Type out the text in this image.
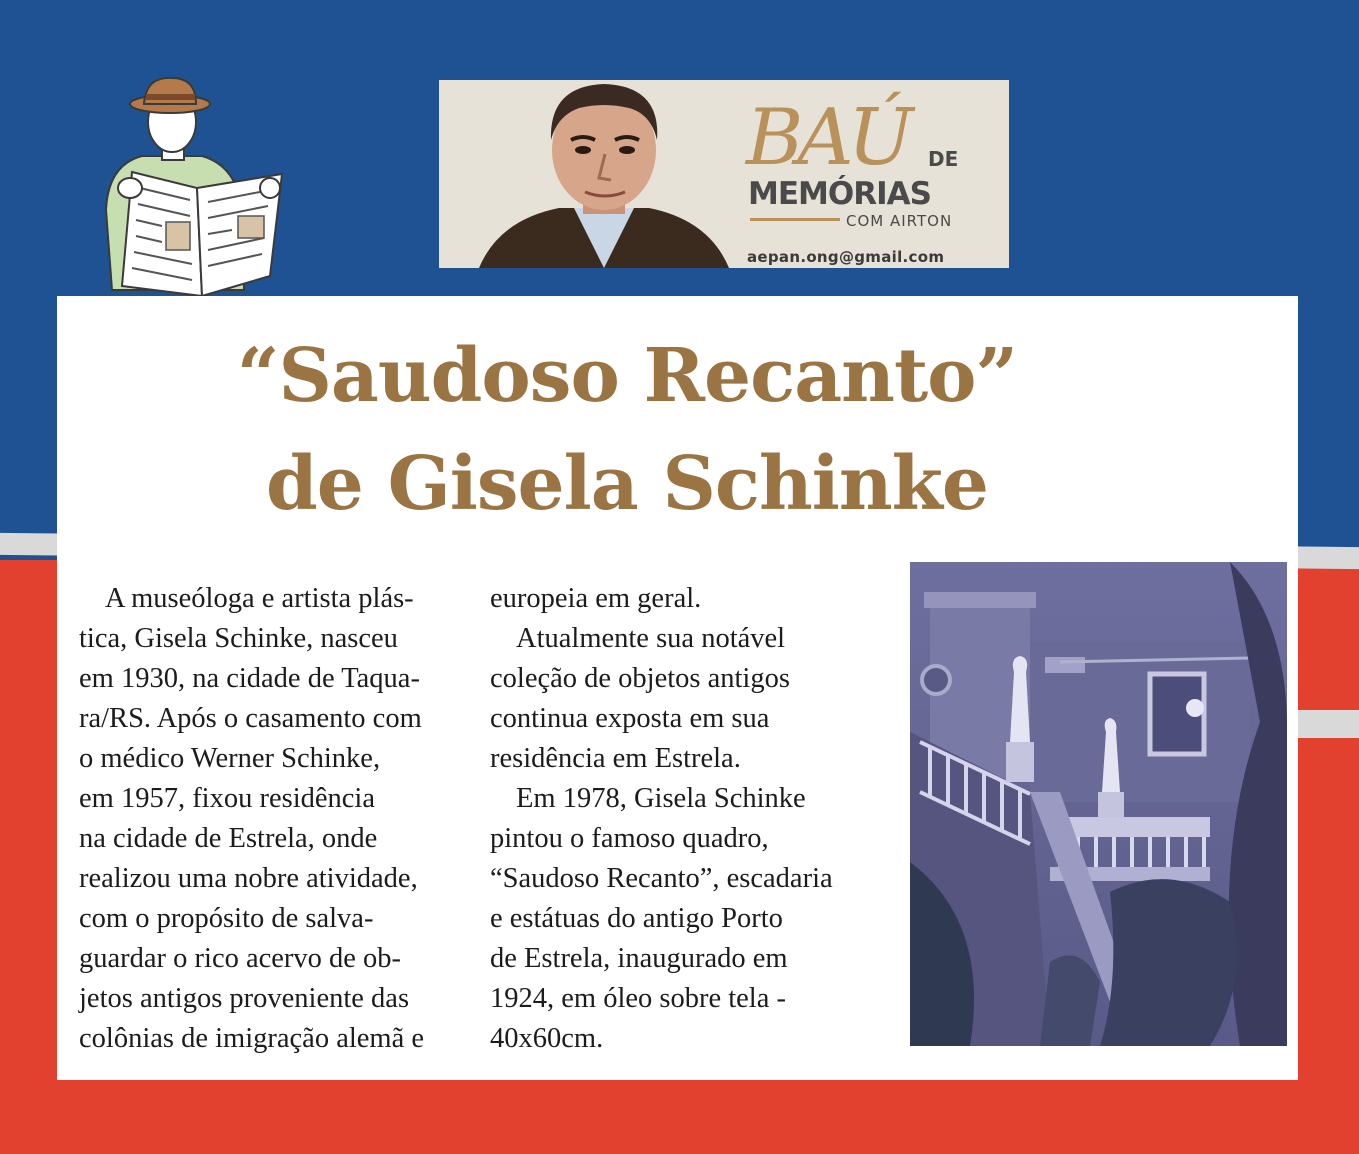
BAÚ	DE
MEMÓRIAS
COM AIRTON
aepan.ong@gmail.com
“Saudoso Recanto”
de Gisela Schinke

A museóloga e artista plás-

tica, Gisela Schinke, nasceu

em 1930, na cidade de Taqua-

ra/RS. Após o casamento com

o médico Werner Schinke,

em 1957, fixou residência

na cidade de Estrela, onde

realizou uma nobre atividade,

com o propósito de salva-

guardar o rico acervo de ob-

jetos antigos proveniente das

colônias de imigração alemã e

europeia em geral.

Atualmente sua notável

coleção de objetos antigos

continua exposta em sua

residência em Estrela.

Em 1978, Gisela Schinke

pintou o famoso quadro,

“Saudoso Recanto”, escadaria

e estátuas do antigo Porto

de Estrela, inaugurado em

1924, em óleo sobre tela -

40x60cm.
